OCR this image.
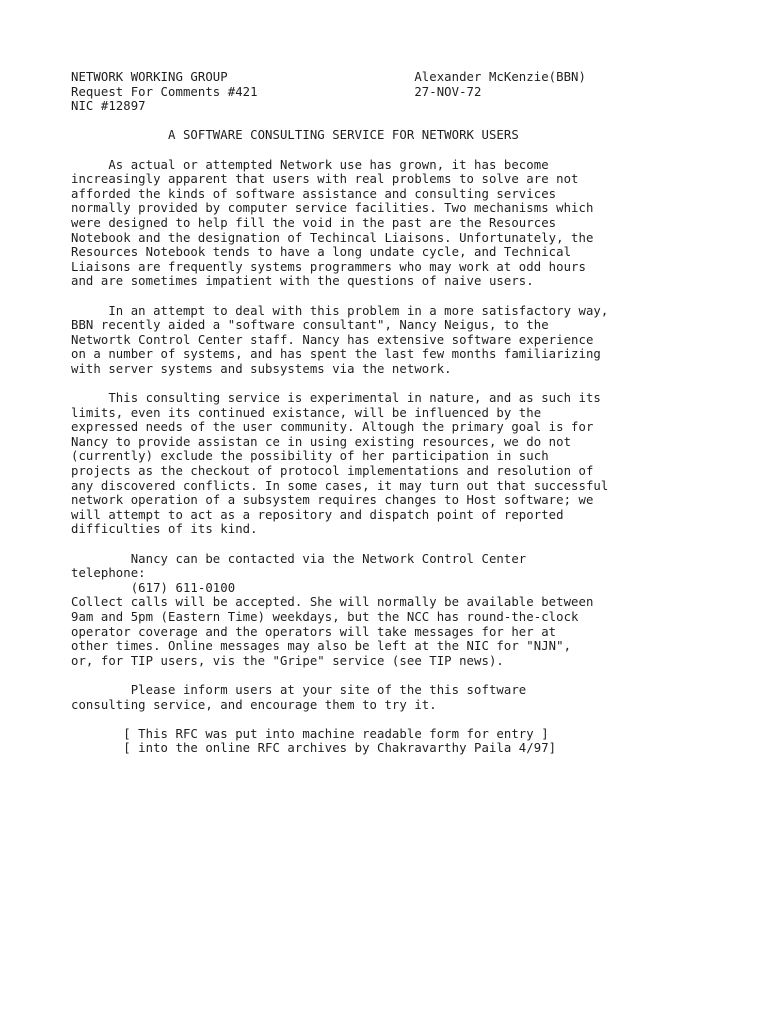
NETWORK WORKING GROUP                         Alexander McKenzie(BBN)
Request For Comments #421                     27-NOV-72
NIC #12897
A SOFTWARE CONSULTING SERVICE FOR NETWORK USERS
As actual or attempted Network use has grown, it has become
increasingly apparent that users with real problems to solve are not
afforded the kinds of software assistance and consulting services
normally provided by computer service facilities. Two mechanisms which
were designed to help fill the void in the past are the Resources
Notebook and the designation of Techincal Liaisons. Unfortunately, the
Resources Notebook tends to have a long undate cycle, and Technical
Liaisons are frequently systems programmers who may work at odd hours
and are sometimes impatient with the questions of naive users.
In an attempt to deal with this problem in a more satisfactory way,
BBN recently aided a "software consultant", Nancy Neigus, to the
Networtk Control Center staff. Nancy has extensive software experience
on a number of systems, and has spent the last few months familiarizing
with server systems and subsystems via the network.
This consulting service is experimental in nature, and as such its
limits, even its continued existance, will be influenced by the
expressed needs of the user community. Altough the primary goal is for
Nancy to provide assistan ce in using existing resources, we do not
(currently) exclude the possibility of her participation in such
projects as the checkout of protocol implementations and resolution of
any discovered conflicts. In some cases, it may turn out that successful
network operation of a subsystem requires changes to Host software; we
will attempt to act as a repository and dispatch point of reported
difficulties of its kind.
Nancy can be contacted via the Network Control Center
telephone:
(617) 611-0100
Collect calls will be accepted. She will normally be available between
9am and 5pm (Eastern Time) weekdays, but the NCC has round-the-clock
operator coverage and the operators will take messages for her at
other times. Online messages may also be left at the NIC for "NJN",
or, for TIP users, vis the "Gripe" service (see TIP news).
Please inform users at your site of the this software
consulting service, and encourage them to try it.
[ This RFC was put into machine readable form for entry ]
[ into the online RFC archives by Chakravarthy Paila 4/97]
